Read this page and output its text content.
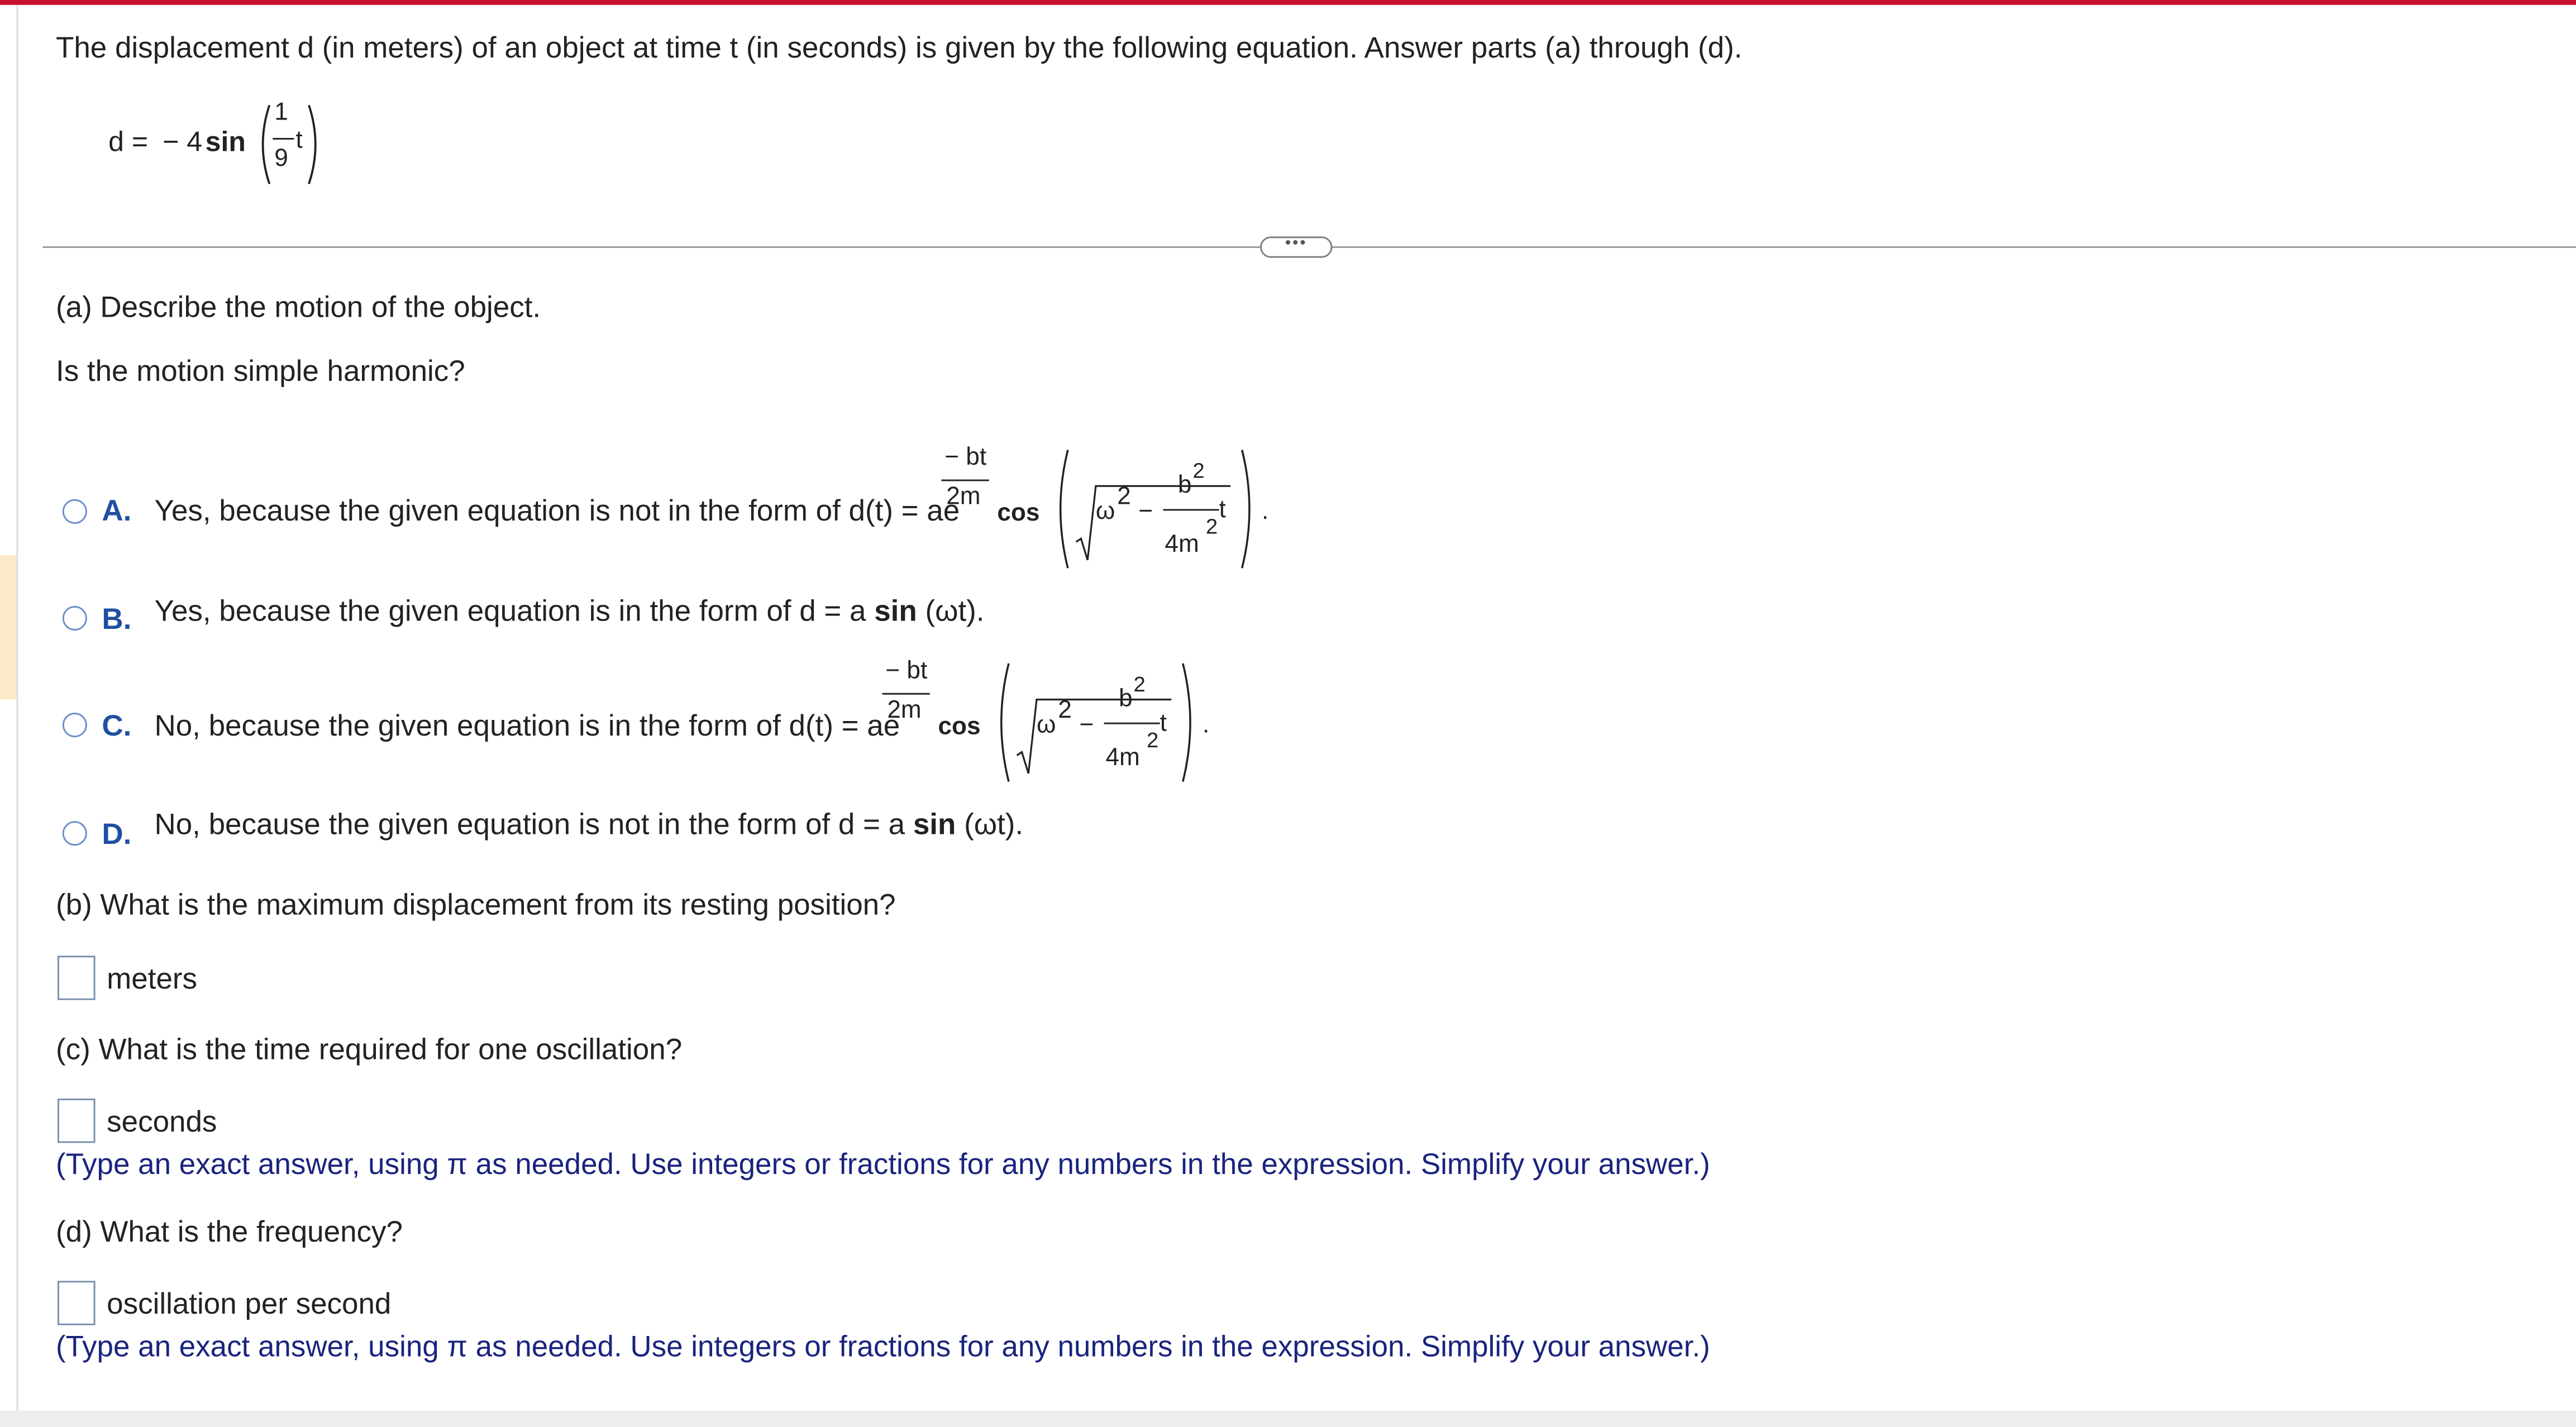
The displacement d (in meters) of an object at time t (in seconds) is given by the following equation. Answer parts (a) through (d).
d = − 4 sin
1
9
t
•••
(a) Describe the motion of the object.
Is the motion simple harmonic?
A. Yes, because the given equation is not in the form of d(t) = ae
− bt
2m
cos	ω
2
−
b
2
t
4m
2
.
B. Yes, because the given equation is in the form of d = a sin (ωt).
C. No, because the given equation is in the form of d(t) = ae
− bt
2m
cos	ω
2
−
b
2
t
4m
2
.
D. No, because the given equation is not in the form of d = a sin (ωt).
(b) What is the maximum displacement from its resting position?
meters
(c) What is the time required for one oscillation?
seconds
(Type an exact answer, using π as needed. Use integers or fractions for any numbers in the expression. Simplify your answer.)
(d) What is the frequency?
oscillation per second
(Type an exact answer, using π as needed. Use integers or fractions for any numbers in the expression. Simplify your answer.)
